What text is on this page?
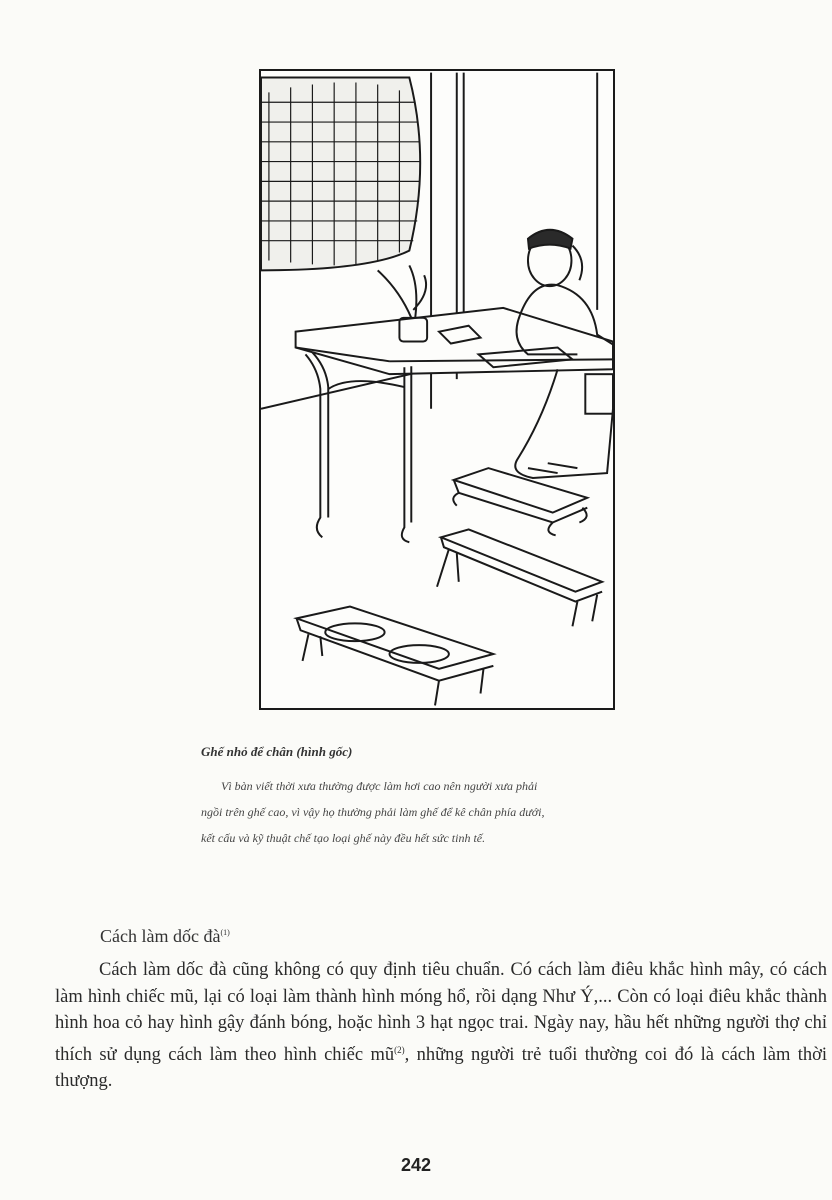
Ghế nhỏ để chân (hình gốc)
Vì bàn viết thời xưa thường được làm hơi cao nên người xưa phải
ngồi trên ghế cao, vì vậy họ thường phải làm ghế để kê chân phía dưới,
kết cấu và kỹ thuật chế tạo loại ghế này đều hết sức tinh tế.
Cách làm dốc $đà^{(1)}$
Cách làm dốc đà cũng không có quy định tiêu chuẩn. Có cách làm điêu khắc hình mây, có cách làm hình chiếc mũ, lại có loại làm thành hình móng hổ, rồi dạng Như Ý,... Còn có loại điêu khắc thành hình hoa cỏ hay hình gậy đánh bóng, hoặc hình 3 hạt ngọc trai. Ngày nay, hầu hết những người thợ chỉ thích sử dụng cách làm theo hình chiếc $mũ^{(2)}$, những người trẻ tuổi thường coi đó là cách làm thời thượng.
242
